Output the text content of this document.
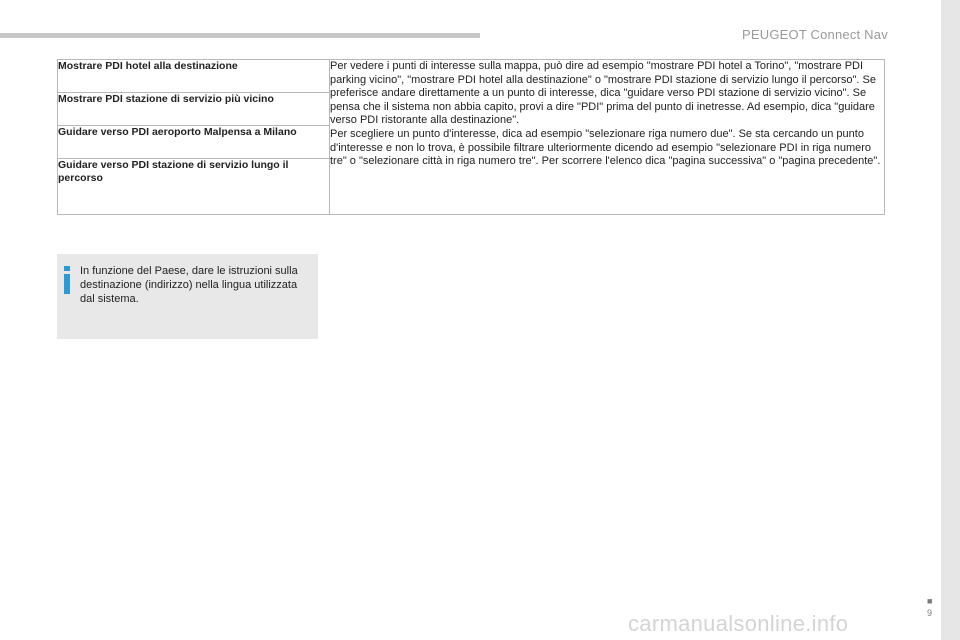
PEUGEOT Connect Nav
Mostrare PDI hotel alla destinazione	Per vedere i punti di interesse sulla mappa, può dire ad esempio "mostrare PDI hotel a Torino", "mostrare PDI parking vicino", "mostrare PDI hotel alla destinazione" o "mostrare PDI stazione di servizio lungo il percorso". Se preferisce andare direttamente a un punto di interesse, dica "guidare verso PDI stazione di servizio vicino". Se pensa che il sistema non abbia capito, provi a dire "PDI" prima del punto di inetresse. Ad esempio, dica "guidare verso PDI ristorante alla destinazione".
Per scegliere un punto d'interesse, dica ad esempio "selezionare riga numero due". Se sta cercando un punto d'interesse e non lo trova, è possibile filtrare ulteriormente dicendo ad esempio "selezionare PDI in riga numero tre" o "selezionare città in riga numero tre". Per scorrere l'elenco dica "pagina successiva" o "pagina precedente".

Mostrare PDI stazione di servizio più vicino
Guidare verso PDI aeroporto Malpensa a Milano
Guidare verso PDI stazione di servizio lungo il percorso
In funzione del Paese, dare le istruzioni sulla destinazione (indirizzo) nella lingua utilizzata dal sistema.
■
9
carmanualsonline.info
